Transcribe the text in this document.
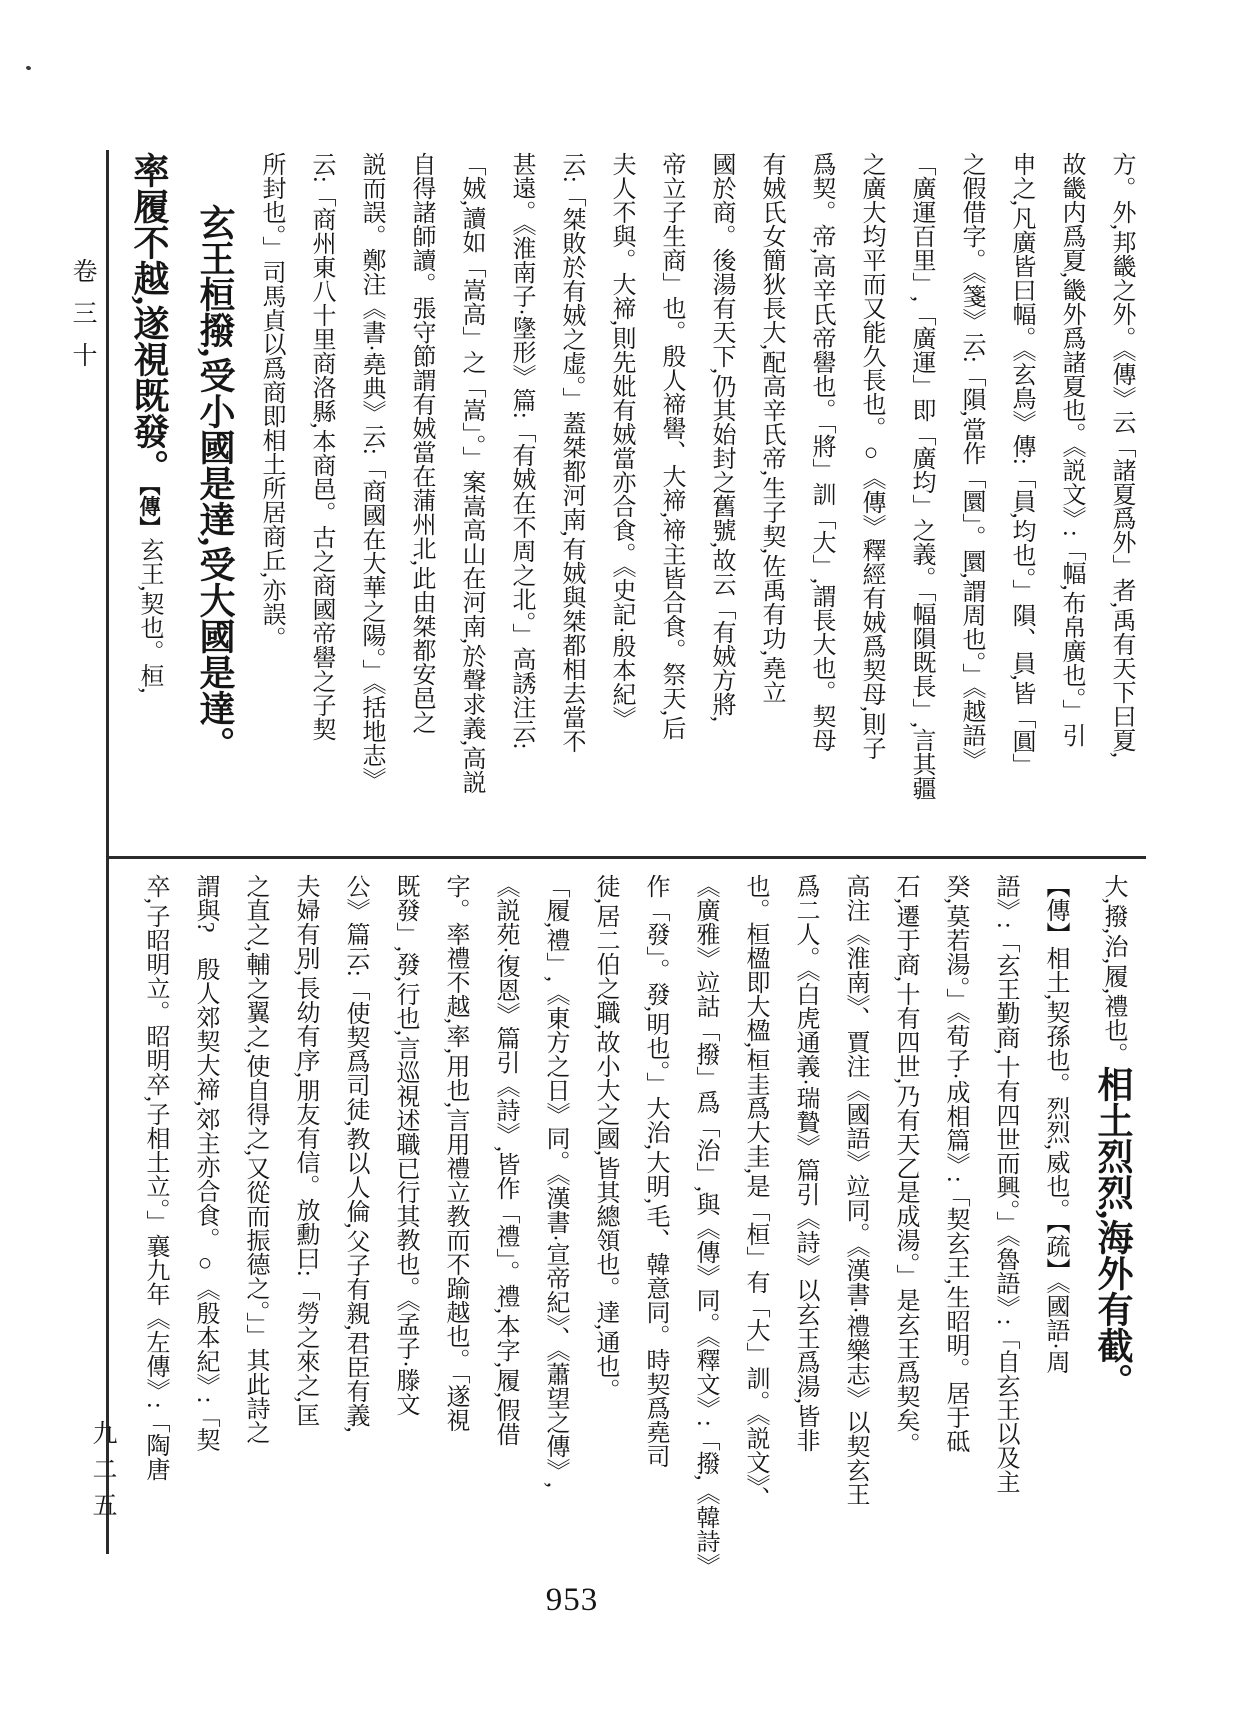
卷三十
九二五
953
方。外,邦畿之外。《傳》云「諸夏爲外」者,禹有天下曰夏,
故畿内爲夏,畿外爲諸夏也。《説文》:「幅,布帛廣也。」引
申之,凡廣皆曰幅。《玄鳥》傳:「員,均也。」隕、員,皆「圓」
之假借字。《箋》云:「隕,當作「圜」。圜,謂周也。」《越語》
「廣運百里」,「廣運」即「廣均」之義。「幅隕既長」,言其疆
之廣大均平而又能久長也。○《傳》釋經有娀爲契母,則子
爲契。帝,高辛氏帝嚳也。「將」訓「大」,謂長大也。契母
有娀氏女簡狄長大,配高辛氏帝,生子契,佐禹有功,堯立
國於商。後湯有天下,仍其始封之舊號,故云「有娀方將,
帝立子生商」也。殷人禘嚳、大禘,禘主皆合食。祭天,后
夫人不與。大禘,則先妣有娀當亦合食。《史記·殷本紀》
云:「桀敗於有娀之虚。」蓋桀都河南,有娀與桀都相去當不
甚遠。《淮南子·墬形》篇:「有娀在不周之北。」高誘注云:
「娀,讀如「嵩高」之「嵩」。」案嵩高山在河南,於聲求義,高説
自得諸師讀。張守節謂有娀當在蒲州北,此由桀都安邑之
説而誤。鄭注《書·堯典》云:「商國在大華之陽。」《括地志》
云:「商州東八十里商洛縣,本商邑。古之商國帝嚳之子契
所封也。」司馬貞以爲商即相土所居商丘,亦誤。
玄王桓撥,受小國是達,受大國是達。
率履不越,遂視既發。【傳】玄王,契也。桓,
大,撥,治,履,禮也。相土烈烈,海外有截。
【傳】相土,契孫也。烈烈,威也。【疏】《國語·周
語》:「玄王勤商,十有四世而興。」《魯語》:「自玄王以及主
癸,莫若湯。」《荀子·成相篇》:「契玄王,生昭明。居于砥
石,遷于商,十有四世,乃有天乙是成湯。」是玄王爲契矣。
高注《淮南》、賈注《國語》竝同。《漢書·禮樂志》以契玄王
爲二人。《白虎通義·瑞贄》篇引《詩》以玄王爲湯,皆非
也。桓楹即大楹,桓圭爲大圭,是「桓」有「大」訓。《説文》、
《廣雅》竝詁「撥」爲「治」,與《傳》同。《釋文》:「撥,《韓詩》
作「發」。發,明也。」大治,大明,毛、韓意同。時契爲堯司
徒,居二伯之職,故小大之國,皆其總領也。達,通也。
「履,禮」,《東方之日》同。《漢書·宣帝紀》、《蕭望之傳》,
《説苑·復恩》篇引《詩》,皆作「禮」。禮,本字,履,假借
字。率禮不越,率,用也,言用禮立教而不踰越也。「遂視
既發」,發,行也,言巡視述職已行其教也。《孟子·滕文
公》篇云:「使契爲司徒,教以人倫,父子有親,君臣有義,
夫婦有別,長幼有序,朋友有信。放勳曰:「勞之來之,匡
之直之,輔之翼之,使自得之,又從而振德之。」」其此詩之
謂與?　殷人郊契大禘,郊主亦合食。○《殷本紀》:「契
卒,子昭明立。昭明卒,子相土立。」襄九年《左傳》:「陶唐
